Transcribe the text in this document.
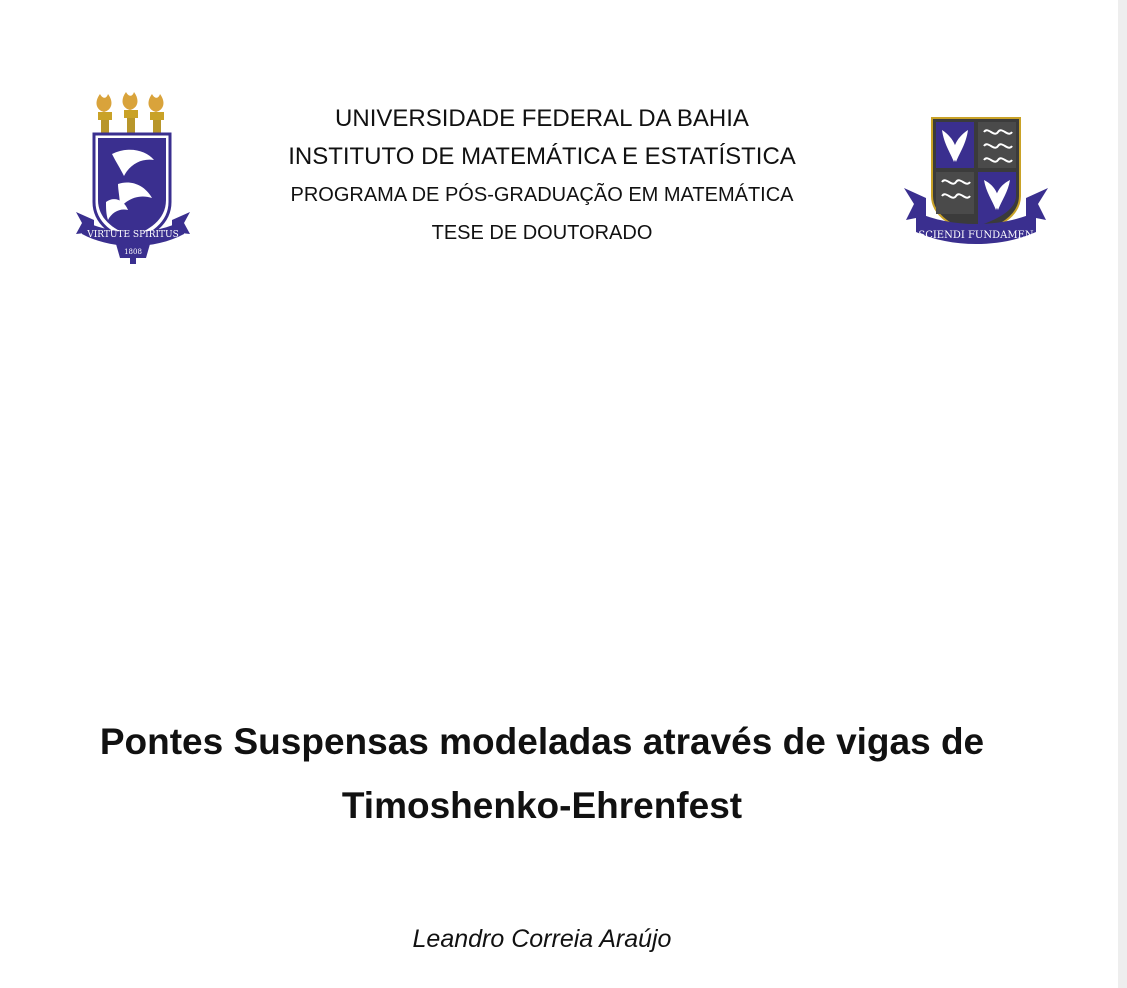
VIRTUTE SPIRITUS
1808
UNIVERSIDADE FEDERAL DA BAHIA
INSTITUTO DE MATEMÁTICA E ESTATÍSTICA
PROGRAMA DE PÓS-GRADUAÇÃO EM MATEMÁTICA
TESE DE DOUTORADO	SCIENDI FUNDAMEN
Pontes Suspensas modeladas através de vigas de
Timoshenko-Ehrenfest
Leandro Correia Araújo
